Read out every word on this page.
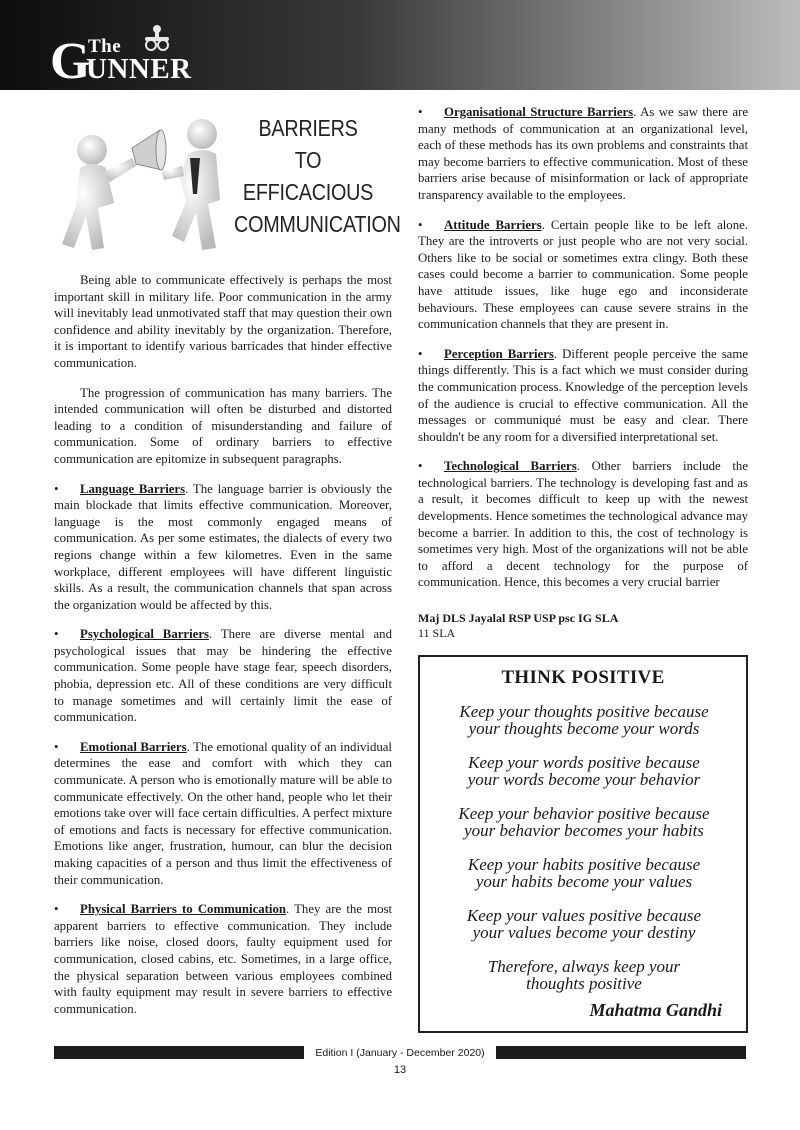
The
G
UNNER
BARRIERS
TO
EFFICACIOUS
COMMUNICATION

Being able to communicate effectively is perhaps the most important skill in military life. Poor communication in the army will inevitably lead unmotivated staff that may question their own confidence and ability inevitably by the organization. Therefore, it is important to identify various barricades that hinder effective communication.

The progression of communication has many barriers. The intended communication will often be disturbed and distorted leading to a condition of misunderstanding and failure of communication. Some of ordinary barriers to effective communication are epitomize in subsequent paragraphs.

• Language Barriers. The language barrier is obviously the main blockade that limits effective communication. Moreover, language is the most commonly engaged means of communication. As per some estimates, the dialects of every two regions change within a few kilometres. Even in the same workplace, different employees will have different linguistic skills. As a result, the communication channels that span across the organization would be affected by this.

• Psychological Barriers. There are diverse mental and psychological issues that may be hindering the effective communication. Some people have stage fear, speech disorders, phobia, depression etc. All of these conditions are very difficult to manage sometimes and will certainly limit the ease of communication.

• Emotional Barriers. The emotional quality of an individual determines the ease and comfort with which they can communicate. A person who is emotionally mature will be able to communicate effectively. On the other hand, people who let their emotions take over will face certain difficulties. A perfect mixture of emotions and facts is necessary for effective communication. Emotions like anger, frustration, humour, can blur the decision making capacities of a person and thus limit the effectiveness of their communication.

• Physical Barriers to Communication. They are the most apparent barriers to effective communication. They include barriers like noise, closed doors, faulty equipment used for communication, closed cabins, etc. Sometimes, in a large office, the physical separation between various employees combined with faulty equipment may result in severe barriers to effective communication.

• Organisational Structure Barriers. As we saw there are many methods of communication at an organizational level, each of these methods has its own problems and constraints that may become barriers to effective communication. Most of these barriers arise because of misinformation or lack of appropriate transparency available to the employees.

• Attitude Barriers. Certain people like to be left alone. They are the introverts or just people who are not very social. Others like to be social or sometimes extra clingy. Both these cases could become a barrier to communication. Some people have attitude issues, like huge ego and inconsiderate behaviours. These employees can cause severe strains in the communication channels that they are present in.

• Perception Barriers. Different people perceive the same things differently. This is a fact which we must consider during the communication process. Knowledge of the perception levels of the audience is crucial to effective communication. All the messages or communiqué must be easy and clear. There shouldn't be any room for a diversified interpretational set.

• Technological Barriers. Other barriers include the technological barriers. The technology is developing fast and as a result, it becomes difficult to keep up with the newest developments. Hence sometimes the technological advance may become a barrier. In addition to this, the cost of technology is sometimes very high. Most of the organizations will not be able to afford a decent technology for the purpose of communication. Hence, this becomes a very crucial barrier

Maj DLS Jayalal RSP USP psc IG SLA
11 SLA
THINK POSITIVE
Keep your thoughts positive because
your thoughts become your words
Keep your words positive because
your words become your behavior
Keep your behavior positive because
your behavior becomes your habits
Keep your habits positive because
your habits become your values
Keep your values positive because
your values become your destiny
Therefore, always keep your
thoughts positive
Mahatma Gandhi
Edition I (January - December 2020)
13
